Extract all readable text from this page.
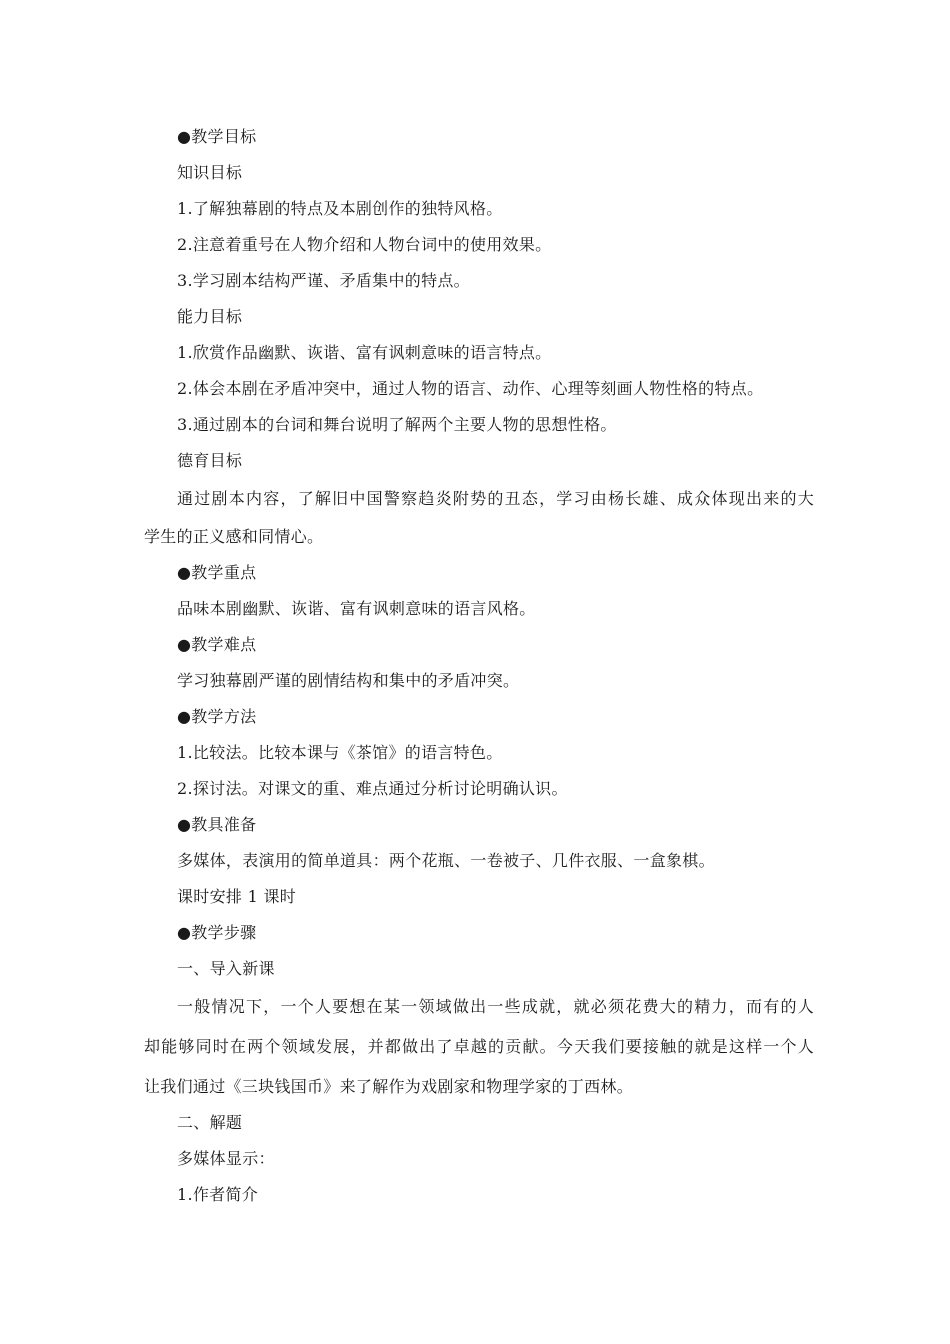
●教学目标
知识目标
1.了解独幕剧的特点及本剧创作的独特风格。
2.注意着重号在人物介绍和人物台词中的使用效果。
3.学习剧本结构严谨、矛盾集中的特点。
能力目标
1.欣赏作品幽默、诙谐、富有讽刺意味的语言特点。
2.体会本剧在矛盾冲突中，通过人物的语言、动作、心理等刻画人物性格的特点。
3.通过剧本的台词和舞台说明了解两个主要人物的思想性格。
德育目标
通过剧本内容，了解旧中国警察趋炎附势的丑态，学习由杨长雄、成众体现出来的大
学生的正义感和同情心。
●教学重点
品味本剧幽默、诙谐、富有讽刺意味的语言风格。
●教学难点
学习独幕剧严谨的剧情结构和集中的矛盾冲突。
●教学方法
1.比较法。比较本课与《茶馆》的语言特色。
2.探讨法。对课文的重、难点通过分析讨论明确认识。
●教具准备
多媒体，表演用的简单道具：两个花瓶、一卷被子、几件衣服、一盒象棋。
课时安排 1 课时
●教学步骤
一、导入新课
一般情况下，一个人要想在某一领域做出一些成就，就必须花费大的精力，而有的人
却能够同时在两个领域发展，并都做出了卓越的贡献。今天我们要接触的就是这样一个人
让我们通过《三块钱国币》来了解作为戏剧家和物理学家的丁西林。
二、解题
多媒体显示：
1.作者简介
